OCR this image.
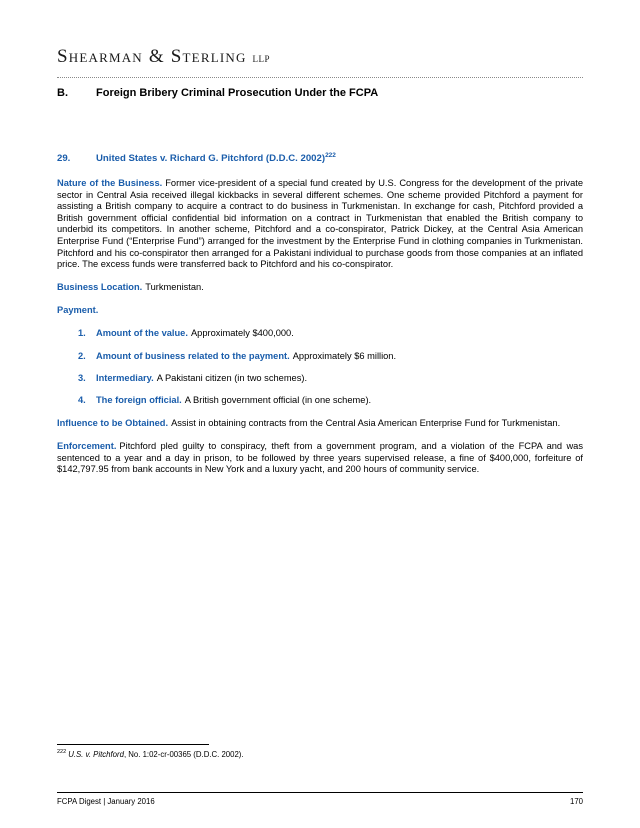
Shearman & Sterling LLP
B.	Foreign Bribery Criminal Prosecution Under the FCPA
29.	United States v. Richard G. Pitchford (D.D.C. 2002)$^{222}$

Nature of the Business. Former vice-president of a special fund created by U.S. Congress for the development of the private sector in Central Asia received illegal kickbacks in several different schemes. One scheme provided Pitchford a payment for assisting a British company to acquire a contract to do business in Turkmenistan. In exchange for cash, Pitchford provided a British government official confidential bid information on a contract in Turkmenistan that enabled the British company to underbid its competitors. In another scheme, Pitchford and a co-conspirator, Patrick Dickey, at the Central Asia American Enterprise Fund (“Enterprise Fund”) arranged for the investment by the Enterprise Fund in clothing companies in Turkmenistan. Pitchford and his co-conspirator then arranged for a Pakistani individual to purchase goods from those companies at an inflated price. The excess funds were transferred back to Pitchford and his co-conspirator.

Business Location. Turkmenistan.

Payment.

1. Amount of the value. Approximately $400,000.
2. Amount of business related to the payment. Approximately $6 million.
3. Intermediary. A Pakistani citizen (in two schemes).
4. The foreign official. A British government official (in one scheme).

Influence to be Obtained. Assist in obtaining contracts from the Central Asia American Enterprise Fund for Turkmenistan.

Enforcement. Pitchford pled guilty to conspiracy, theft from a government program, and a violation of the FCPA and was sentenced to a year and a day in prison, to be followed by three years supervised release, a fine of $400,000, forfeiture of $142,797.95 from bank accounts in New York and a luxury yacht, and 200 hours of community service.

$^{222}$ U.S. v. Pitchford, No. 1:02-cr-00365 (D.D.C. 2002).
FCPA Digest | January 2016	170
